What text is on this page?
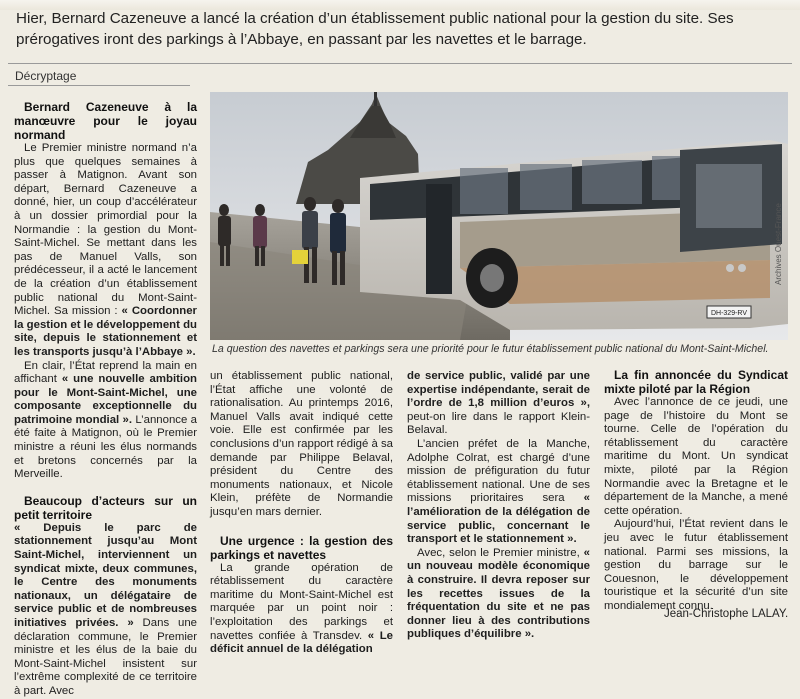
Hier, Bernard Cazeneuve a lancé la création d’un établissement public national pour la gestion du site. Ses prérogatives iront des parkings à l’Abbaye, en passant par les navettes et le barrage.
Décryptage
DH-329-RV
Archives Ouest-France
La question des navettes et parkings sera une priorité pour le futur établissement public national du Mont-Saint-Michel.

Bernard Cazeneuve à la manœuvre pour le joyau normand

Le Premier ministre normand n’a plus que quelques semaines à passer à Matignon. Avant son départ, Bernard Cazeneuve a donné, hier, un coup d’accélérateur à un dossier primordial pour la Normandie : la gestion du Mont-Saint-Michel. Se mettant dans les pas de Manuel Valls, son prédécesseur, il a acté le lancement de la création d’un établissement public national du Mont-Saint-Michel. Sa mission : « Coordonner la gestion et le développement du site, depuis le stationnement et les transports jusqu’à l’Abbaye ».

En clair, l’État reprend la main en affichant « une nouvelle ambition pour le Mont-Saint-Michel, une composante exceptionnelle du patrimoine mondial ». L’annonce a été faite à Matignon, où le Premier ministre a réuni les élus normands et bretons concernés par la Merveille.

Beaucoup d’acteurs sur un petit territoire

« Depuis le parc de stationnement jusqu’au Mont Saint-Michel, interviennent un syndicat mixte, deux communes, le Centre des monuments nationaux, un délégataire de service public et de nombreuses initiatives privées. » Dans une déclaration commune, le Premier ministre et les élus de la baie du Mont-Saint-Michel insistent sur l’extrême complexité de ce territoire à part. Avec

un établissement public national, l’État affiche une volonté de rationalisation. Au printemps 2016, Manuel Valls avait indiqué cette voie. Elle est confirmée par les conclusions d’un rapport rédigé à sa demande par Philippe Belaval, président du Centre des monuments nationaux, et Nicole Klein, préfète de Normandie jusqu’en mars dernier.

Une urgence : la gestion des parkings et navettes

La grande opération de rétablissement du caractère maritime du Mont-Saint-Michel est marquée par un point noir : l’exploitation des parkings et navettes confiée à Transdev. « Le déficit annuel de la délégation

de service public, validé par une expertise indépendante, serait de l’ordre de 1,8 million d’euros », peut-on lire dans le rapport Klein-Belaval.

L’ancien préfet de la Manche, Adolphe Colrat, est chargé d’une mission de préfiguration du futur établissement national. Une de ses missions prioritaires sera « l’amélioration de la délégation de service public, concernant le transport et le stationnement ».

Avec, selon le Premier ministre, « un nouveau modèle économique à construire. Il devra reposer sur les recettes issues de la fréquentation du site et ne pas donner lieu à des contributions publiques d’équilibre ».

La fin annoncée du Syndicat mixte piloté par la Région

Avec l’annonce de ce jeudi, une page de l’histoire du Mont se tourne. Celle de l’opération du rétablissement du caractère maritime du Mont. Un syndicat mixte, piloté par la Région Normandie avec la Bretagne et le département de la Manche, a mené cette opération.

Aujourd’hui, l’État revient dans le jeu avec le futur établissement national. Parmi ses missions, la gestion du barrage sur le Couesnon, le développement touristique et la sécurité d’un site mondialement connu.

Jean-Christophe LALAY.
